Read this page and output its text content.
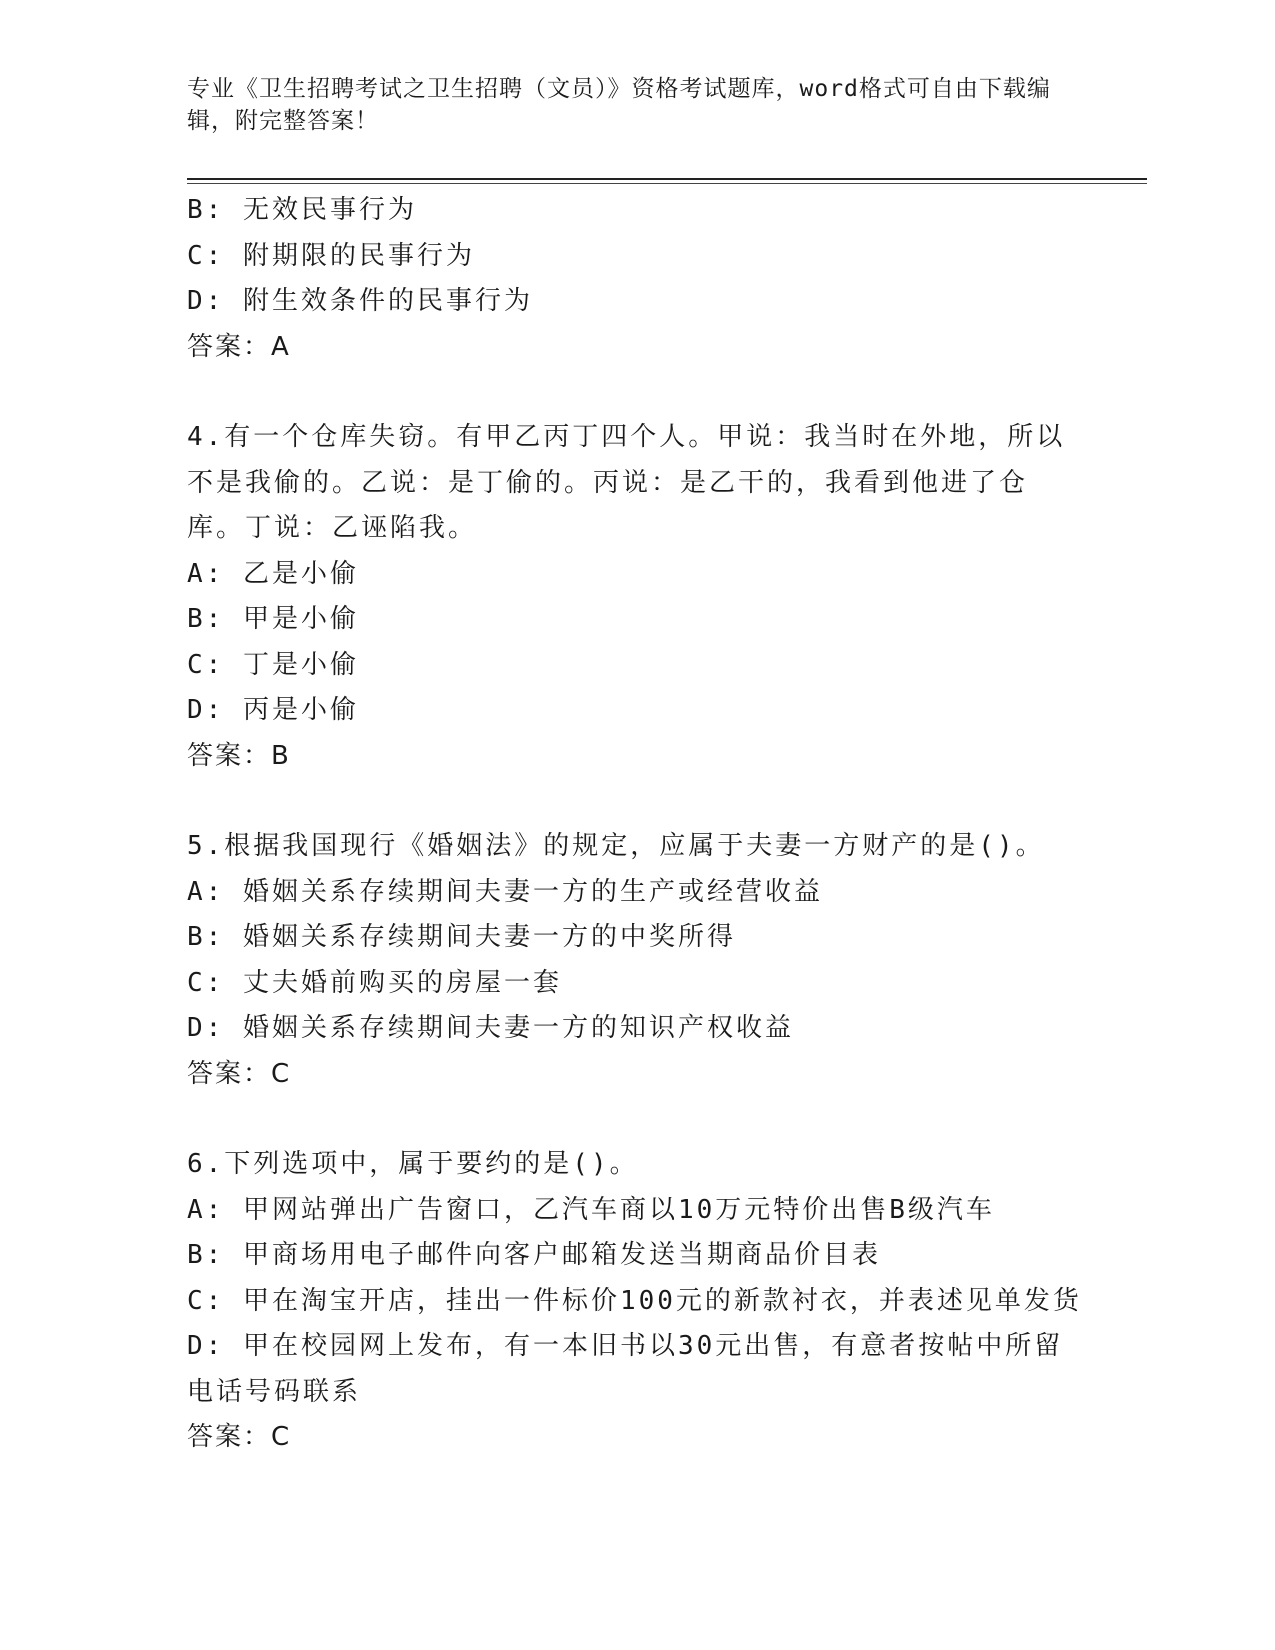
专业《卫生招聘考试之卫生招聘（文员）》资格考试题库，word格式可自由下载编辑，附完整答案！
B: 无效民事行为
C: 附期限的民事行为
D: 附生效条件的民事行为
答案：A
4.有一个仓库失窃。有甲乙丙丁四个人。甲说：我当时在外地，所以不是我偷的。乙说：是丁偷的。丙说：是乙干的，我看到他进了仓库。丁说：乙诬陷我。
A: 乙是小偷
B: 甲是小偷
C: 丁是小偷
D: 丙是小偷
答案：B
5.根据我国现行《婚姻法》的规定，应属于夫妻一方财产的是()。
A: 婚姻关系存续期间夫妻一方的生产或经营收益
B: 婚姻关系存续期间夫妻一方的中奖所得
C: 丈夫婚前购买的房屋一套
D: 婚姻关系存续期间夫妻一方的知识产权收益
答案：C
6.下列选项中，属于要约的是()。
A: 甲网站弹出广告窗口，乙汽车商以10万元特价出售B级汽车
B: 甲商场用电子邮件向客户邮箱发送当期商品价目表
C: 甲在淘宝开店，挂出一件标价100元的新款衬衣，并表述见单发货
D: 甲在校园网上发布，有一本旧书以30元出售，有意者按帖中所留电话号码联系
答案：C
